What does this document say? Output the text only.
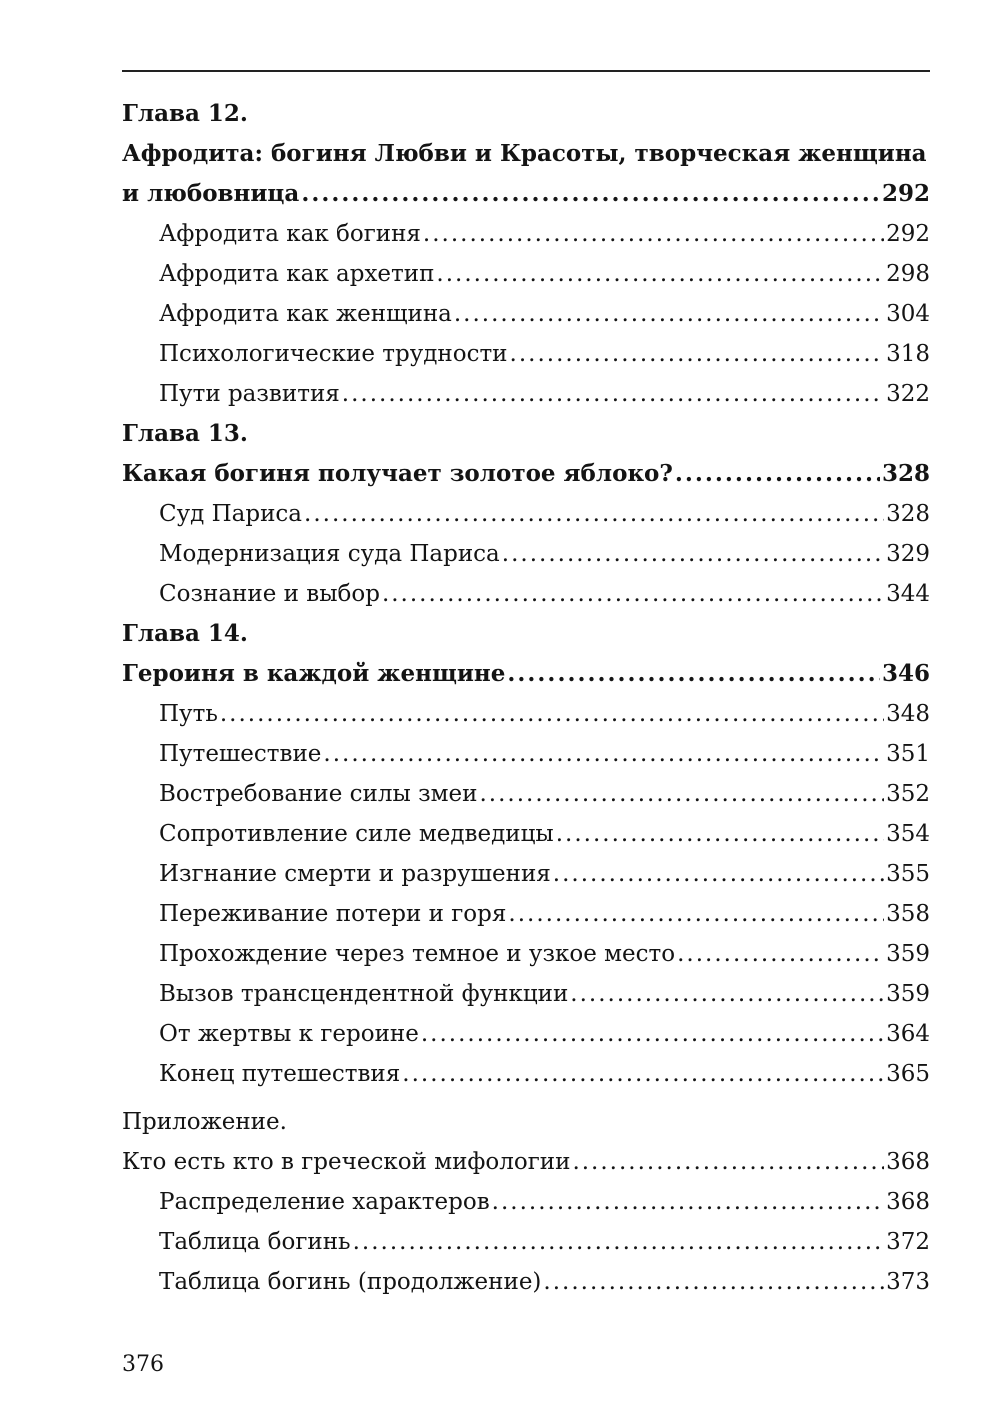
Глава 12.
Афродита: богиня Любви и Красоты, творческая женщина
и любовница .....	292
Афродита как богиня .....	292
Афродита как архетип .....	298
Афродита как женщина .....	304
Психологические трудности .....	318
Пути развития .....	322
Глава 13.
Какая богиня получает золотое яблоко? .....	328
Суд Париса .....	328
Модернизация суда Париса .....	329
Сознание и выбор .....	344
Глава 14.
Героиня в каждой женщине .....	346
Путь .....	348
Путешествие .....	351
Востребование силы змеи .....	352
Сопротивление силе медведицы .....	354
Изгнание смерти и разрушения .....	355
Переживание потери и горя .....	358
Прохождение через темное и узкое место .....	359
Вызов трансцендентной функции .....	359
От жертвы к героине .....	364
Конец путешествия .....	365
Приложение.
Кто есть кто в греческой мифологии .....	368
Распределение характеров .....	368
Таблица богинь .....	372
Таблица богинь (продолжение) .....	373
376
